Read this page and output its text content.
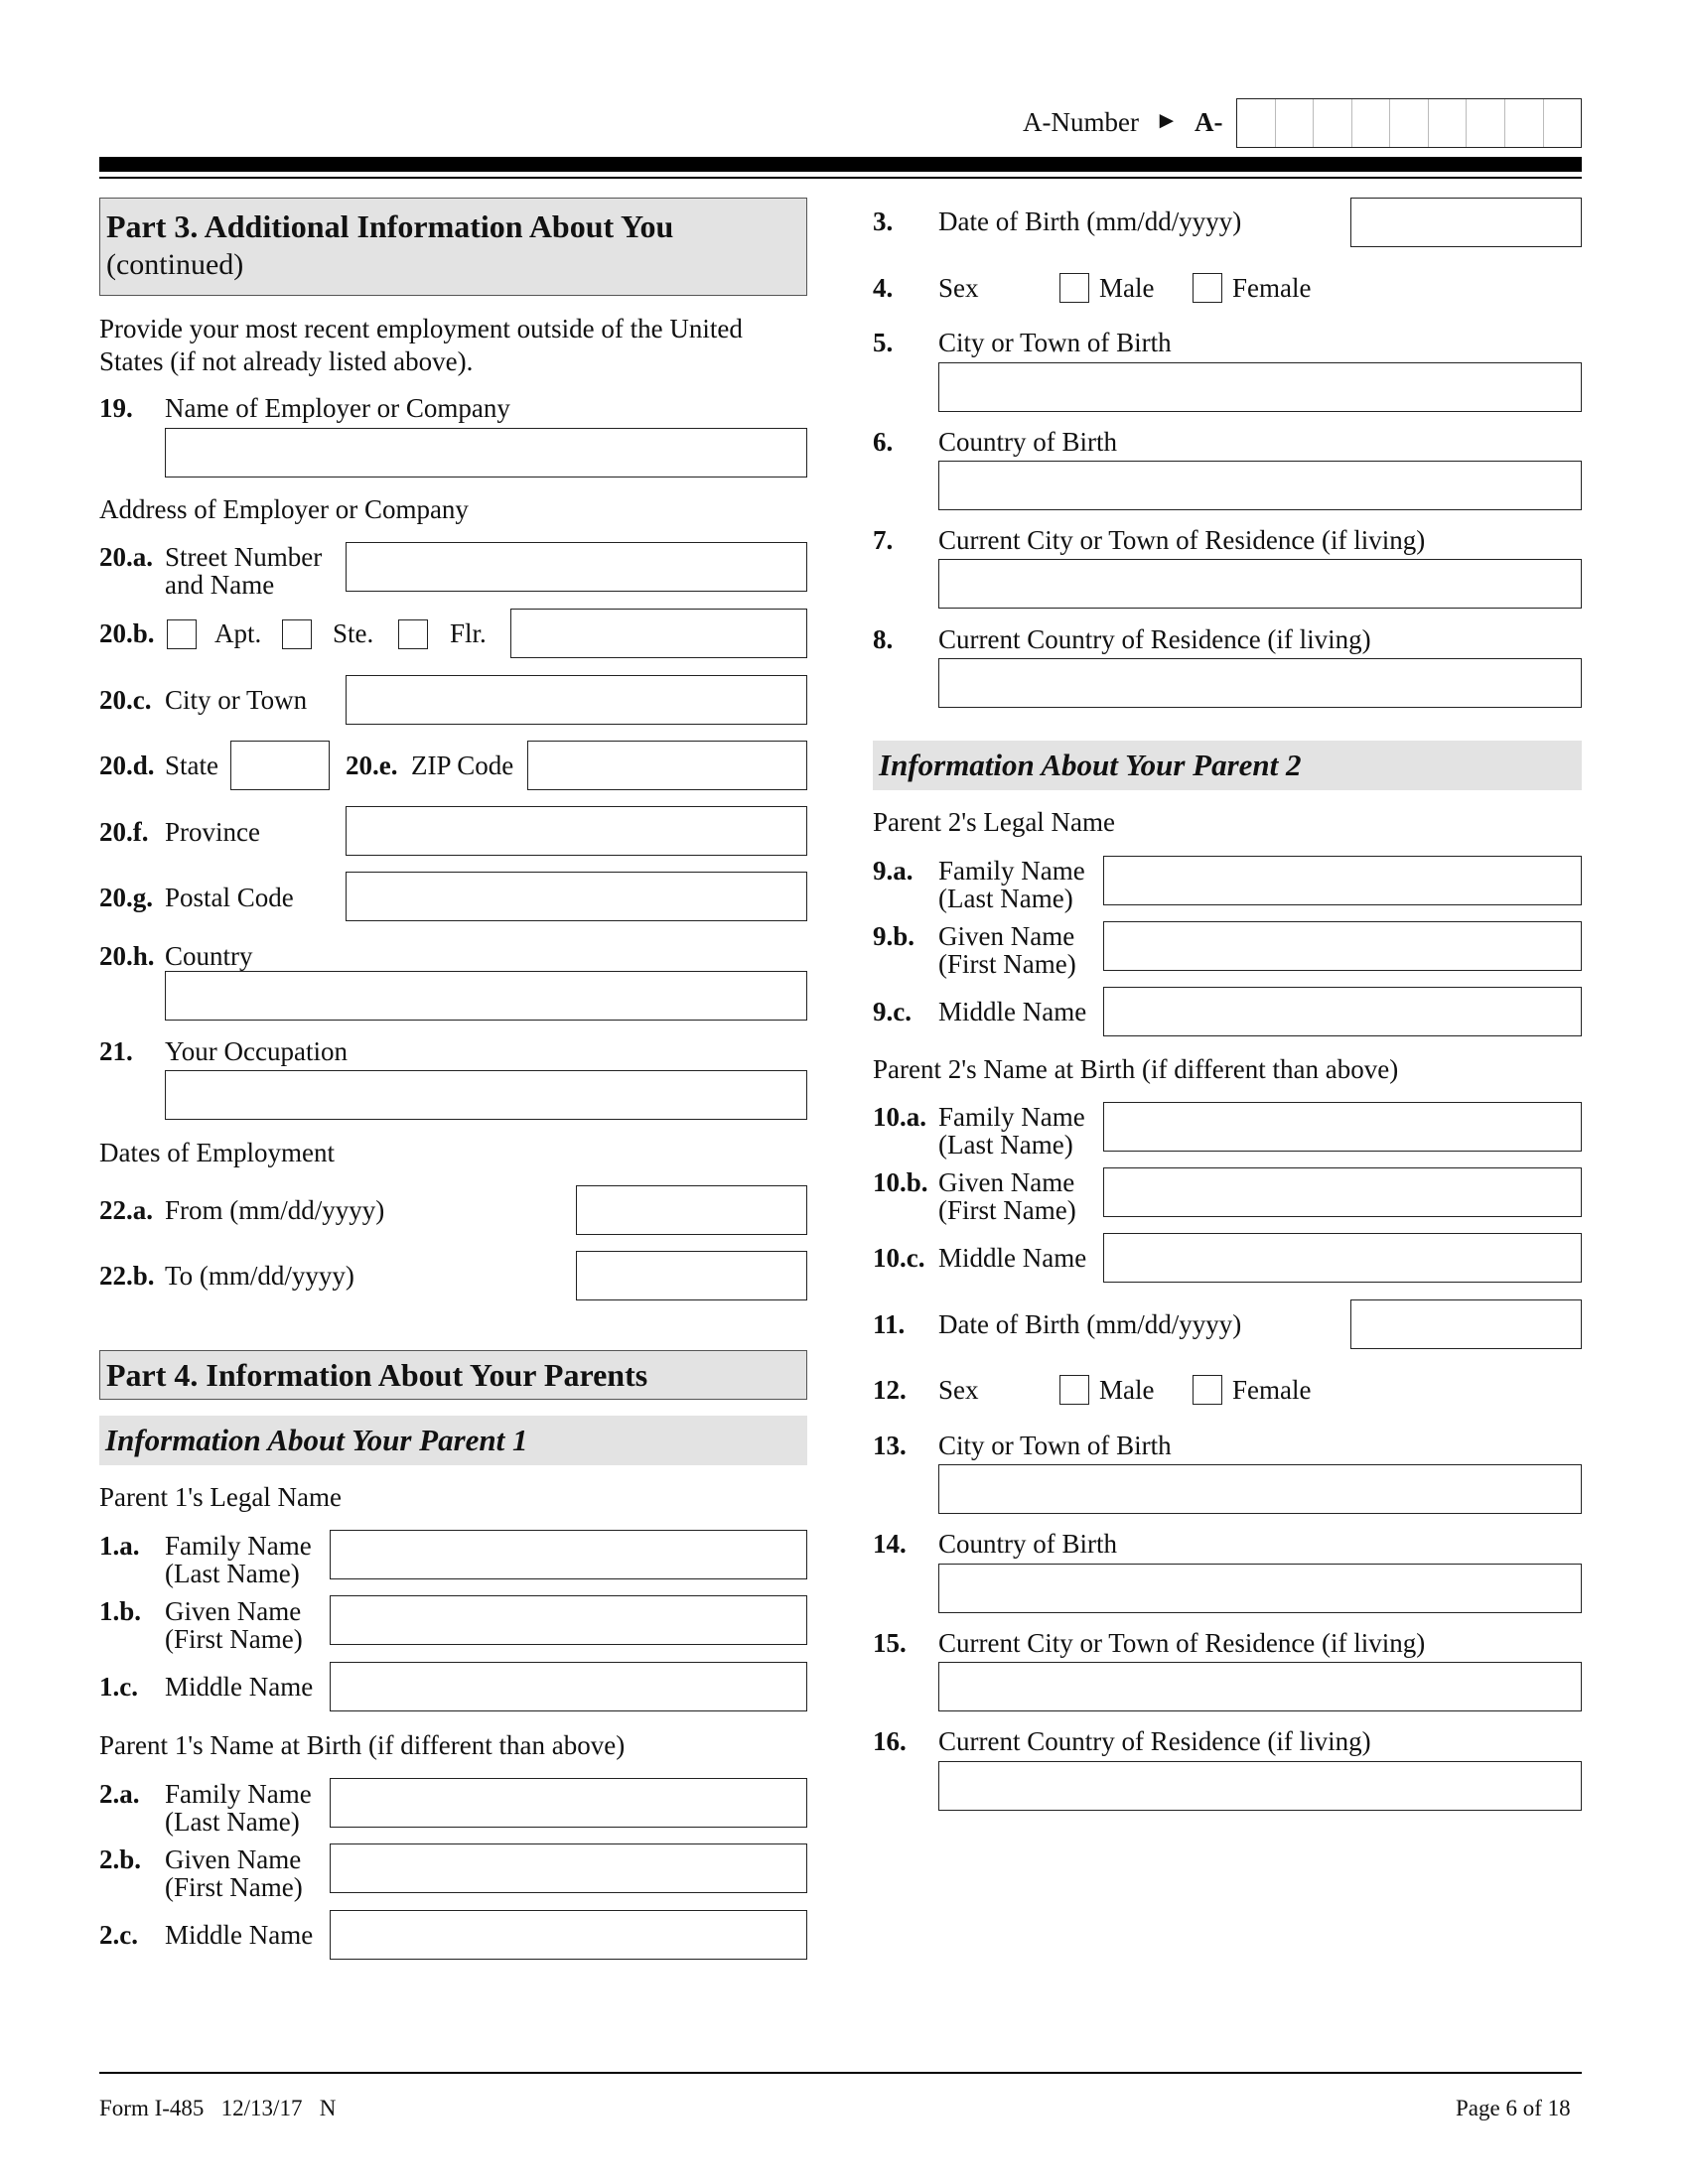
A-Number ► A-
Part 3. Additional Information About You
(continued)
Provide your most recent employment outside of the United
States (if not already listed above).
19. Name of Employer or Company
Address of Employer or Company
20.a. Street Number
and Name
20.b. Apt.	Ste.	Flr.
20.c. City or Town
20.d. State	20.e. ZIP Code
20.f. Province
20.g. Postal Code
20.h. Country
21. Your Occupation
Dates of Employment
22.a. From (mm/dd/yyyy)
22.b. To (mm/dd/yyyy)
Part 4. Information About Your Parents
Information About Your Parent 1
Parent 1's Legal Name
1.a. Family Name
(Last Name)
1.b. Given Name
(First Name)
1.c. Middle Name
Parent 1's Name at Birth (if different than above)
2.a. Family Name
(Last Name)
2.b. Given Name
(First Name)
2.c. Middle Name
3. Date of Birth (mm/dd/yyyy)
4. Sex	Male	Female
5. City or Town of Birth
6. Country of Birth
7. Current City or Town of Residence (if living)
8. Current Country of Residence (if living)
Information About Your Parent 2
Parent 2's Legal Name
9.a. Family Name
(Last Name)
9.b. Given Name
(First Name)
9.c. Middle Name
Parent 2's Name at Birth (if different than above)
10.a. Family Name
(Last Name)
10.b. Given Name
(First Name)
10.c. Middle Name
11. Date of Birth (mm/dd/yyyy)
12. Sex	Male	Female
13. City or Town of Birth
14. Country of Birth
15. Current City or Town of Residence (if living)
16. Current Country of Residence (if living)
Form I-485   12/13/17   N	Page 6 of 18
